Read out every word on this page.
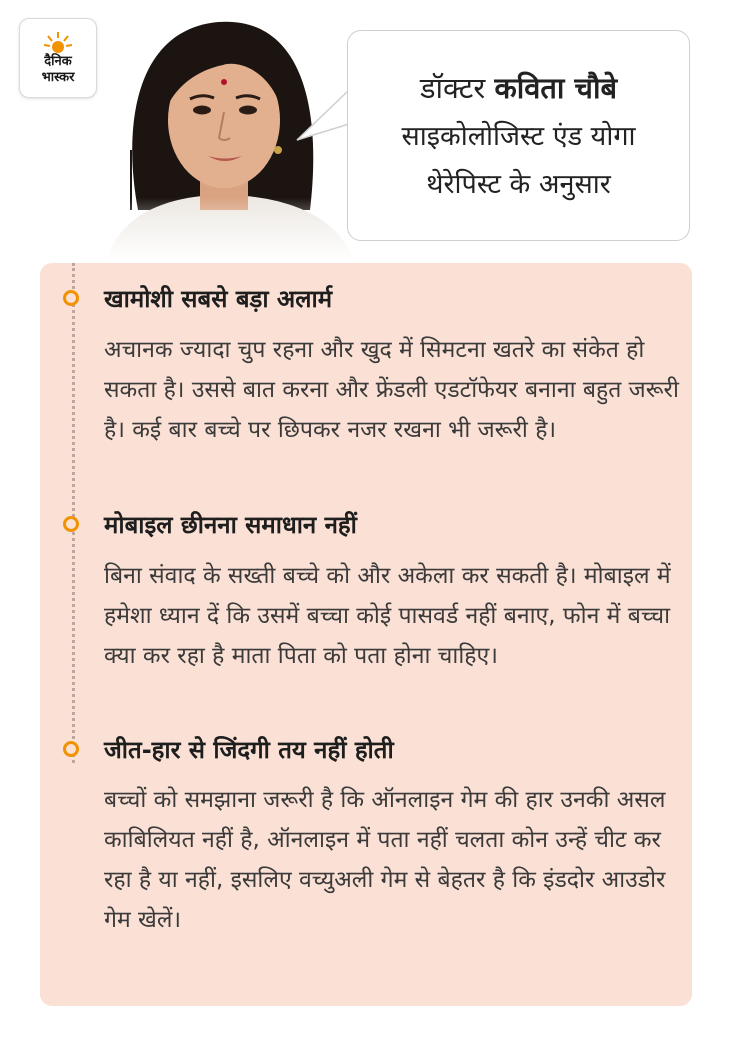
दैनिक
भास्कर	डॉक्टर कविता चौबे
साइकोलोजिस्ट एंड योगा
थेरेपिस्ट के अनुसार
खामोशी सबसे बड़ा अलार्म
अचानक ज्यादा चुप रहना और खुद में सिमटना खतरे का संकेत हो सकता है। उससे बात करना और फ्रेंडली एडटॉफेयर बनाना बहुत जरूरी है। कई बार बच्चे पर छिपकर नजर रखना भी जरूरी है।
मोबाइल छीनना समाधान नहीं
बिना संवाद के सख्ती बच्चे को और अकेला कर सकती है। मोबाइल में हमेशा ध्यान दें कि उसमें बच्चा कोई पासवर्ड नहीं बनाए, फोन में बच्चा क्या कर रहा है माता पिता को पता होना चाहिए।
जीत-हार से जिंदगी तय नहीं होती
बच्चों को समझाना जरूरी है कि ऑनलाइन गेम की हार उनकी असल काबिलियत नहीं है, ऑनलाइन में पता नहीं चलता कोन उन्हें चीट कर रहा है या नहीं, इसलिए वच्युअली गेम से बेहतर है कि इंडदोर आउडोर गेम खेलें।
